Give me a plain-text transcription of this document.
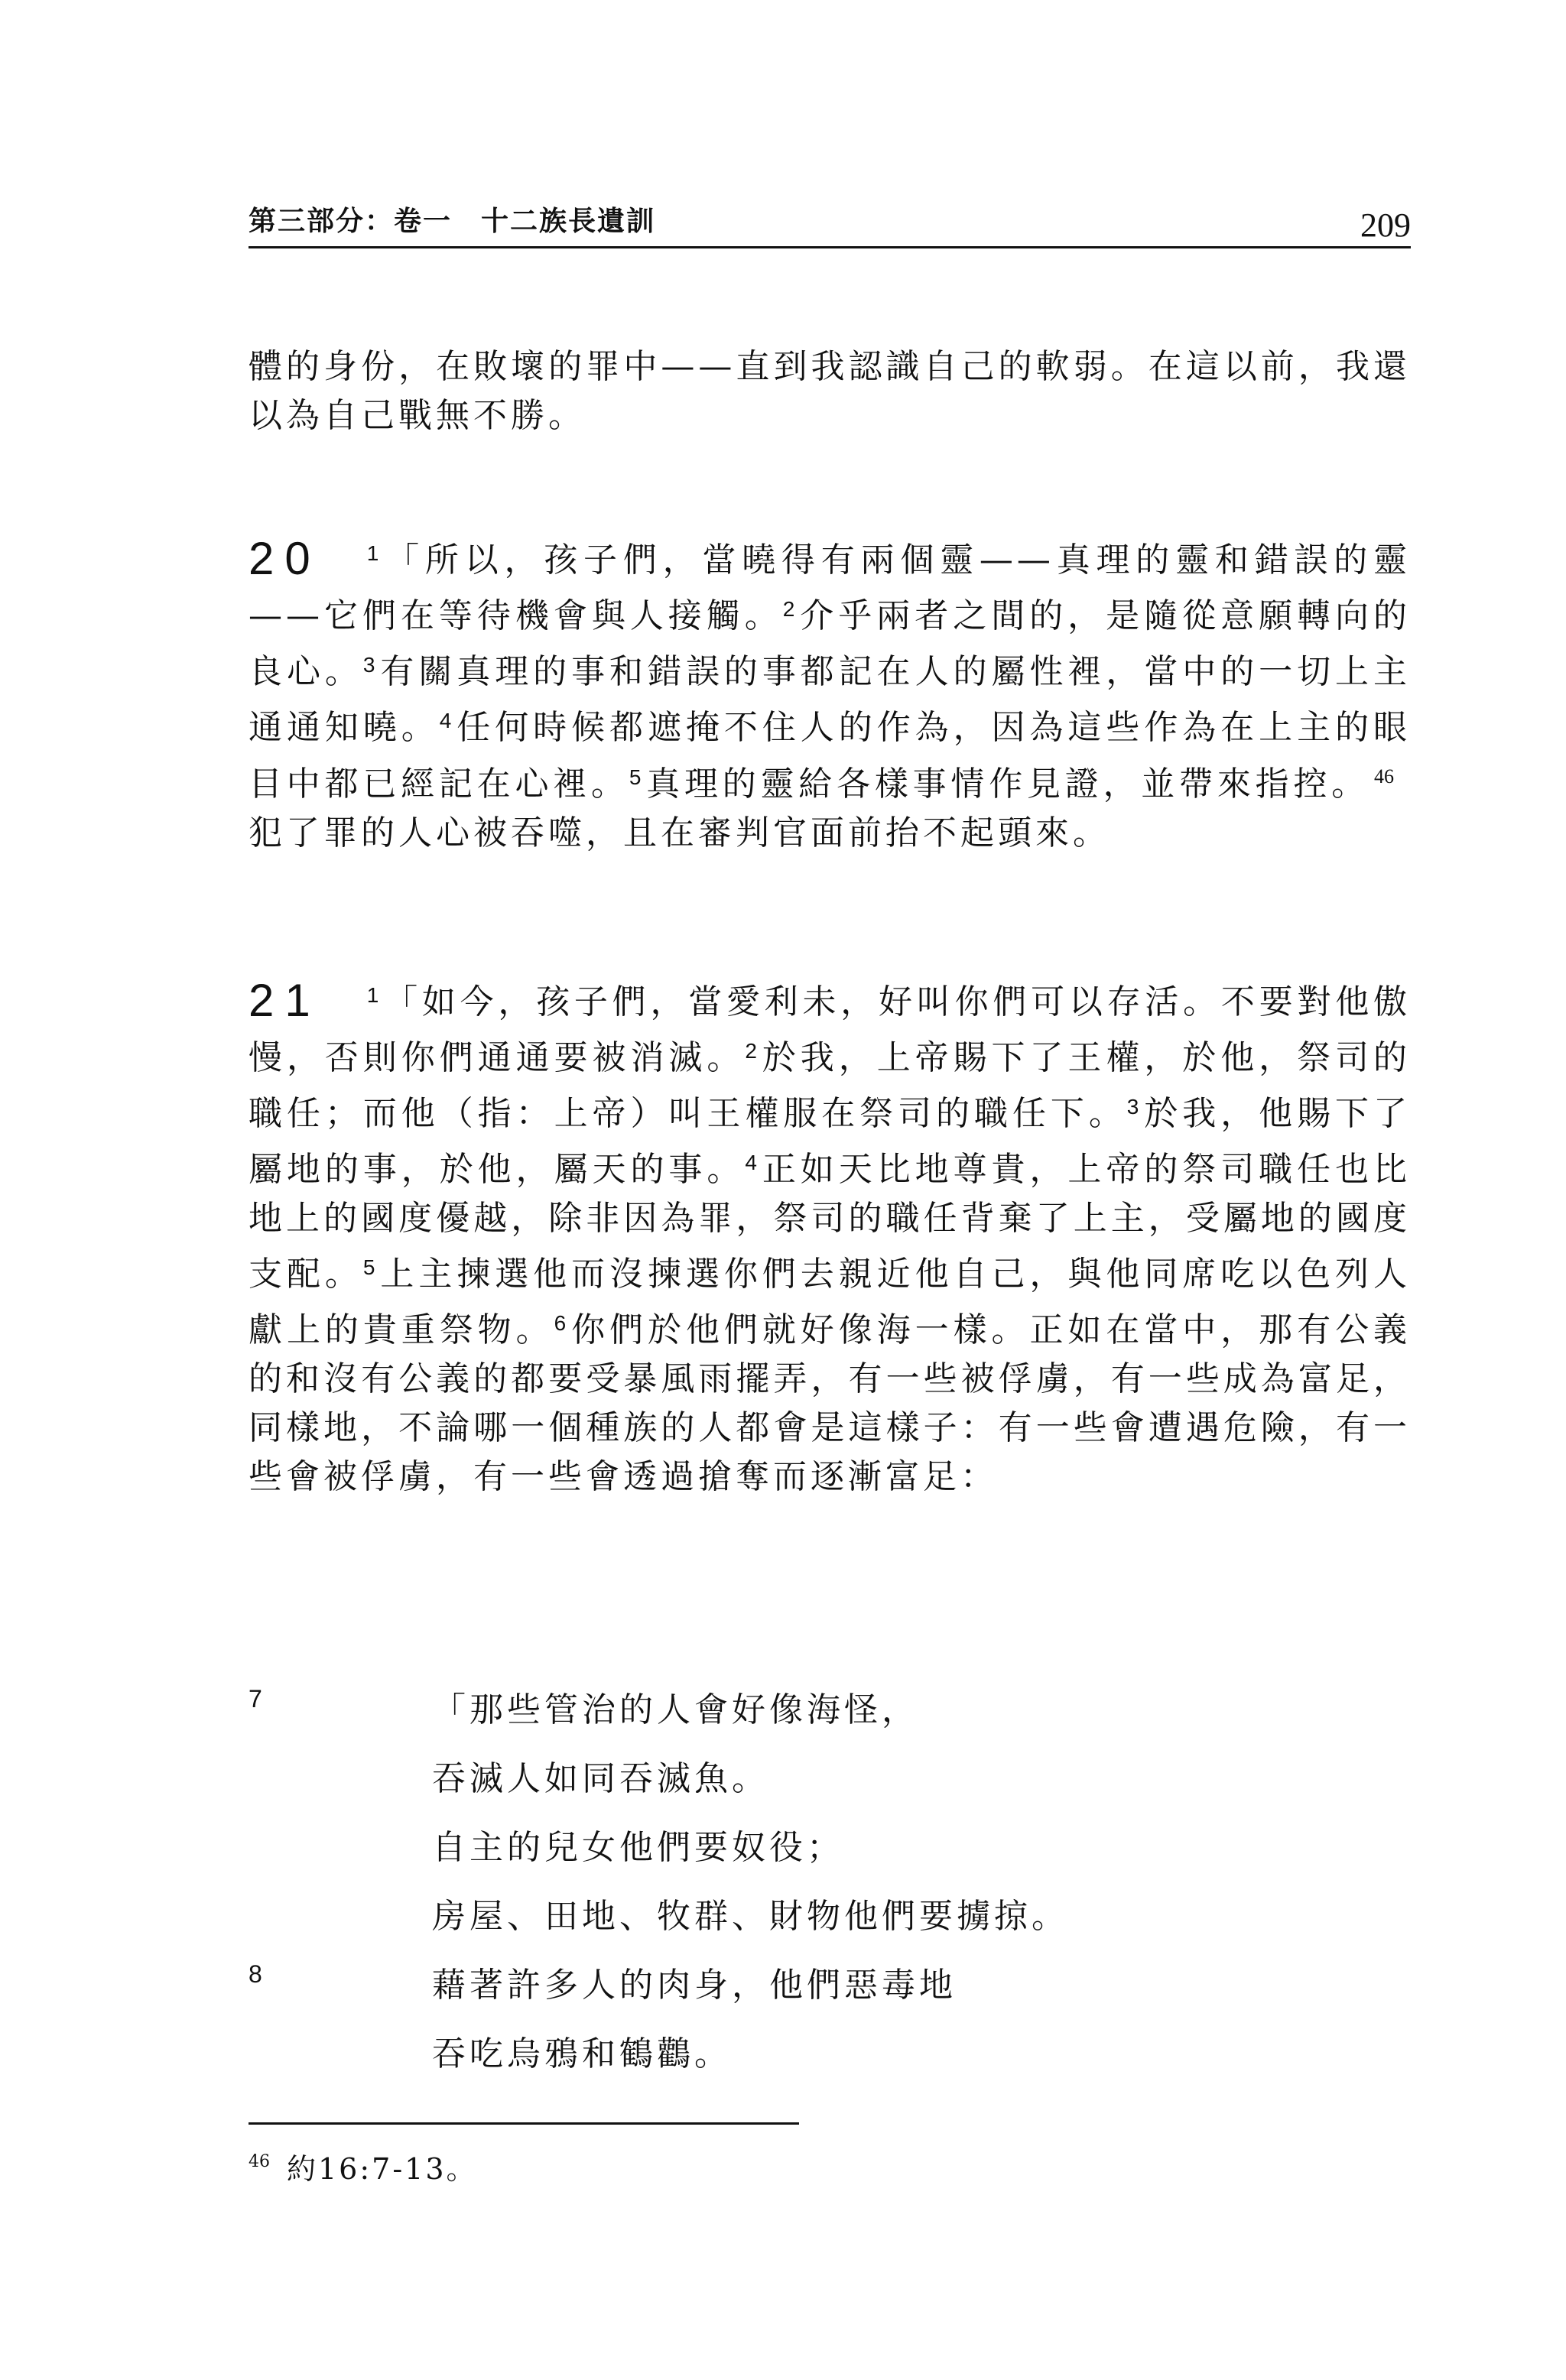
第三部分：卷一　十二族長遺訓	209
體的身份，在敗壞的罪中——直到我認識自己的軟弱。在這以前，我還以為自己戰無不勝。
20 $^1$ 「所以，孩子們，當曉得有兩個靈——真理的靈和錯誤的靈——它們在等待機會與人接觸。$^2$ 介乎兩者之間的，是隨從意願轉向的良心。$^3$ 有關真理的事和錯誤的事都記在人的屬性裡，當中的一切上主通通知曉。$^4$ 任何時候都遮掩不住人的作為，因為這些作為在上主的眼目中都已經記在心裡。$^5$ 真理的靈給各樣事情作見證，並帶來指控。 $^{46}$犯了罪的人心被吞噬，且在審判官面前抬不起頭來。
21 $^1$ 「如今，孩子們，當愛利未，好叫你們可以存活。不要對他傲慢，否則你們通通要被消滅。$^2$ 於我，上帝賜下了王權，於他，祭司的職任；而他（指：上帝）叫王權服在祭司的職任下。$^3$ 於我，他賜下了屬地的事，於他，屬天的事。$^4$ 正如天比地尊貴，上帝的祭司職任也比地上的國度優越，除非因為罪，祭司的職任背棄了上主，受屬地的國度支配。$^5$ 上主揀選他而沒揀選你們去親近他自己，與他同席吃以色列人獻上的貴重祭物。$^6$ 你們於他們就好像海一樣。正如在當中，那有公義的和沒有公義的都要受暴風雨擺弄，有一些被俘虜，有一些成為富足，同樣地，不論哪一個種族的人都會是這樣子：有一些會遭遇危險，有一些會被俘虜，有一些會透過搶奪而逐漸富足：
7	「那些管治的人會好像海怪，
吞滅人如同吞滅魚。
自主的兒女他們要奴役；
房屋、田地、牧群、財物他們要擄掠。
8	藉著許多人的肉身，他們惡毒地
吞吃烏鴉和鶴鸛。
$^{46}$ 約16:7-13。
